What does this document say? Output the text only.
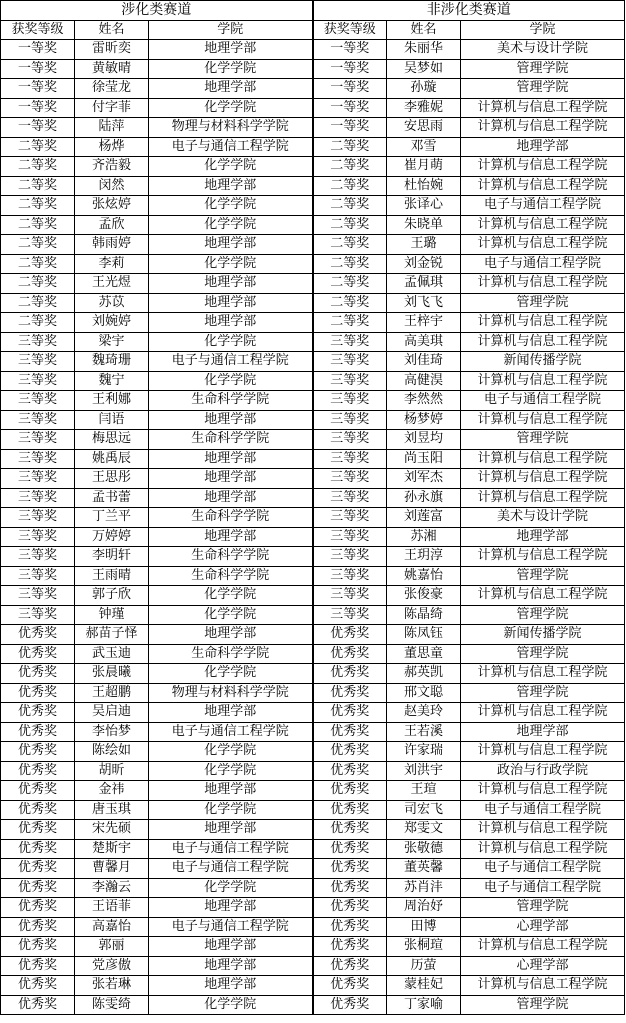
涉化类赛道			非涉化类赛道		
获奖等级	姓名	学院	获奖等级	姓名	学院
一等奖	雷昕奕	地理学部	一等奖	朱丽华	美术与设计学院
一等奖	黄敏晴	化学学院	一等奖	吴梦如	管理学院
一等奖	徐莹龙	地理学部	一等奖	孙璇	管理学院
一等奖	付字菲	化学学院	一等奖	李雅妮	计算机与信息工程学院
一等奖	陆萍	物理与材料科学学院	一等奖	安思雨	计算机与信息工程学院
二等奖	杨烨	电子与通信工程学院	二等奖	邓雪	地理学部
二等奖	齐浩毅	化学学院	二等奖	崔月萌	计算机与信息工程学院
二等奖	闵然	地理学部	二等奖	杜怡婉	计算机与信息工程学院
二等奖	张炫婷	化学学院	二等奖	张译心	电子与通信工程学院
二等奖	孟欣	化学学院	二等奖	朱晓单	计算机与信息工程学院
二等奖	韩雨婷	地理学部	二等奖	王璐	计算机与信息工程学院
二等奖	李莉	化学学院	二等奖	刘金锐	电子与通信工程学院
二等奖	王光煜	地理学部	二等奖	孟佩琪	计算机与信息工程学院
二等奖	苏苡	地理学部	二等奖	刘飞飞	管理学院
二等奖	刘婉婷	地理学部	二等奖	王梓宇	计算机与信息工程学院
三等奖	梁宇	化学学院	三等奖	高美琪	计算机与信息工程学院
三等奖	魏琦珊	电子与通信工程学院	三等奖	刘佳琦	新闻传播学院
三等奖	魏宁	化学学院	三等奖	高健淏	计算机与信息工程学院
三等奖	王利娜	生命科学学院	三等奖	李然然	电子与通信工程学院
三等奖	闫语	地理学部	三等奖	杨梦婷	计算机与信息工程学院
三等奖	梅思远	生命科学学院	三等奖	刘昱均	管理学院
三等奖	姚禹辰	地理学部	三等奖	尚玉阳	计算机与信息工程学院
三等奖	王思彤	地理学部	三等奖	刘军杰	计算机与信息工程学院
三等奖	孟书蕾	地理学部	三等奖	孙永旗	计算机与信息工程学院
三等奖	丁兰平	生命科学学院	三等奖	刘莲富	美术与设计学院
三等奖	万婷婷	地理学部	三等奖	苏湘	地理学部
三等奖	李明轩	生命科学学院	三等奖	王玥淳	计算机与信息工程学院
三等奖	王雨晴	生命科学学院	三等奖	姚嘉怡	管理学院
三等奖	郭子欣	化学学院	三等奖	张俊豪	计算机与信息工程学院
三等奖	钟瑾	化学学院	三等奖	陈晶绮	管理学院
优秀奖	郝苗子怿	地理学部	优秀奖	陈凤钰	新闻传播学院
优秀奖	武玉迪	生命科学学院	优秀奖	董思童	管理学院
优秀奖	张晨曦	化学学院	优秀奖	郝英凯	计算机与信息工程学院
优秀奖	王超鹏	物理与材料科学学院	优秀奖	邢文聪	管理学院
优秀奖	吴启迪	地理学部	优秀奖	赵美玲	计算机与信息工程学院
优秀奖	李怡梦	电子与通信工程学院	优秀奖	王若溪	地理学部
优秀奖	陈绘如	化学学院	优秀奖	许家瑞	计算机与信息工程学院
优秀奖	胡昕	化学学院	优秀奖	刘洪宇	政治与行政学院
优秀奖	金祎	地理学部	优秀奖	王瑄	计算机与信息工程学院
优秀奖	唐玉琪	化学学院	优秀奖	司宏飞	电子与通信工程学院
优秀奖	宋先硕	地理学部	优秀奖	郑雯文	计算机与信息工程学院
优秀奖	楚斯宇	电子与通信工程学院	优秀奖	张敬德	计算机与信息工程学院
优秀奖	曹馨月	电子与通信工程学院	优秀奖	董英馨	电子与通信工程学院
优秀奖	李瀚云	化学学院	优秀奖	苏肖沣	电子与通信工程学院
优秀奖	王语菲	地理学部	优秀奖	周治妤	管理学院
优秀奖	高嘉怡	电子与通信工程学院	优秀奖	田博	心理学部
优秀奖	郭丽	地理学部	优秀奖	张桐瑄	计算机与信息工程学院
优秀奖	党彦傲	地理学部	优秀奖	历萤	心理学部
优秀奖	张若琳	地理学部	优秀奖	蒙桂妃	计算机与信息工程学院
优秀奖	陈雯绮	化学学院	优秀奖	丁家喻	管理学院
